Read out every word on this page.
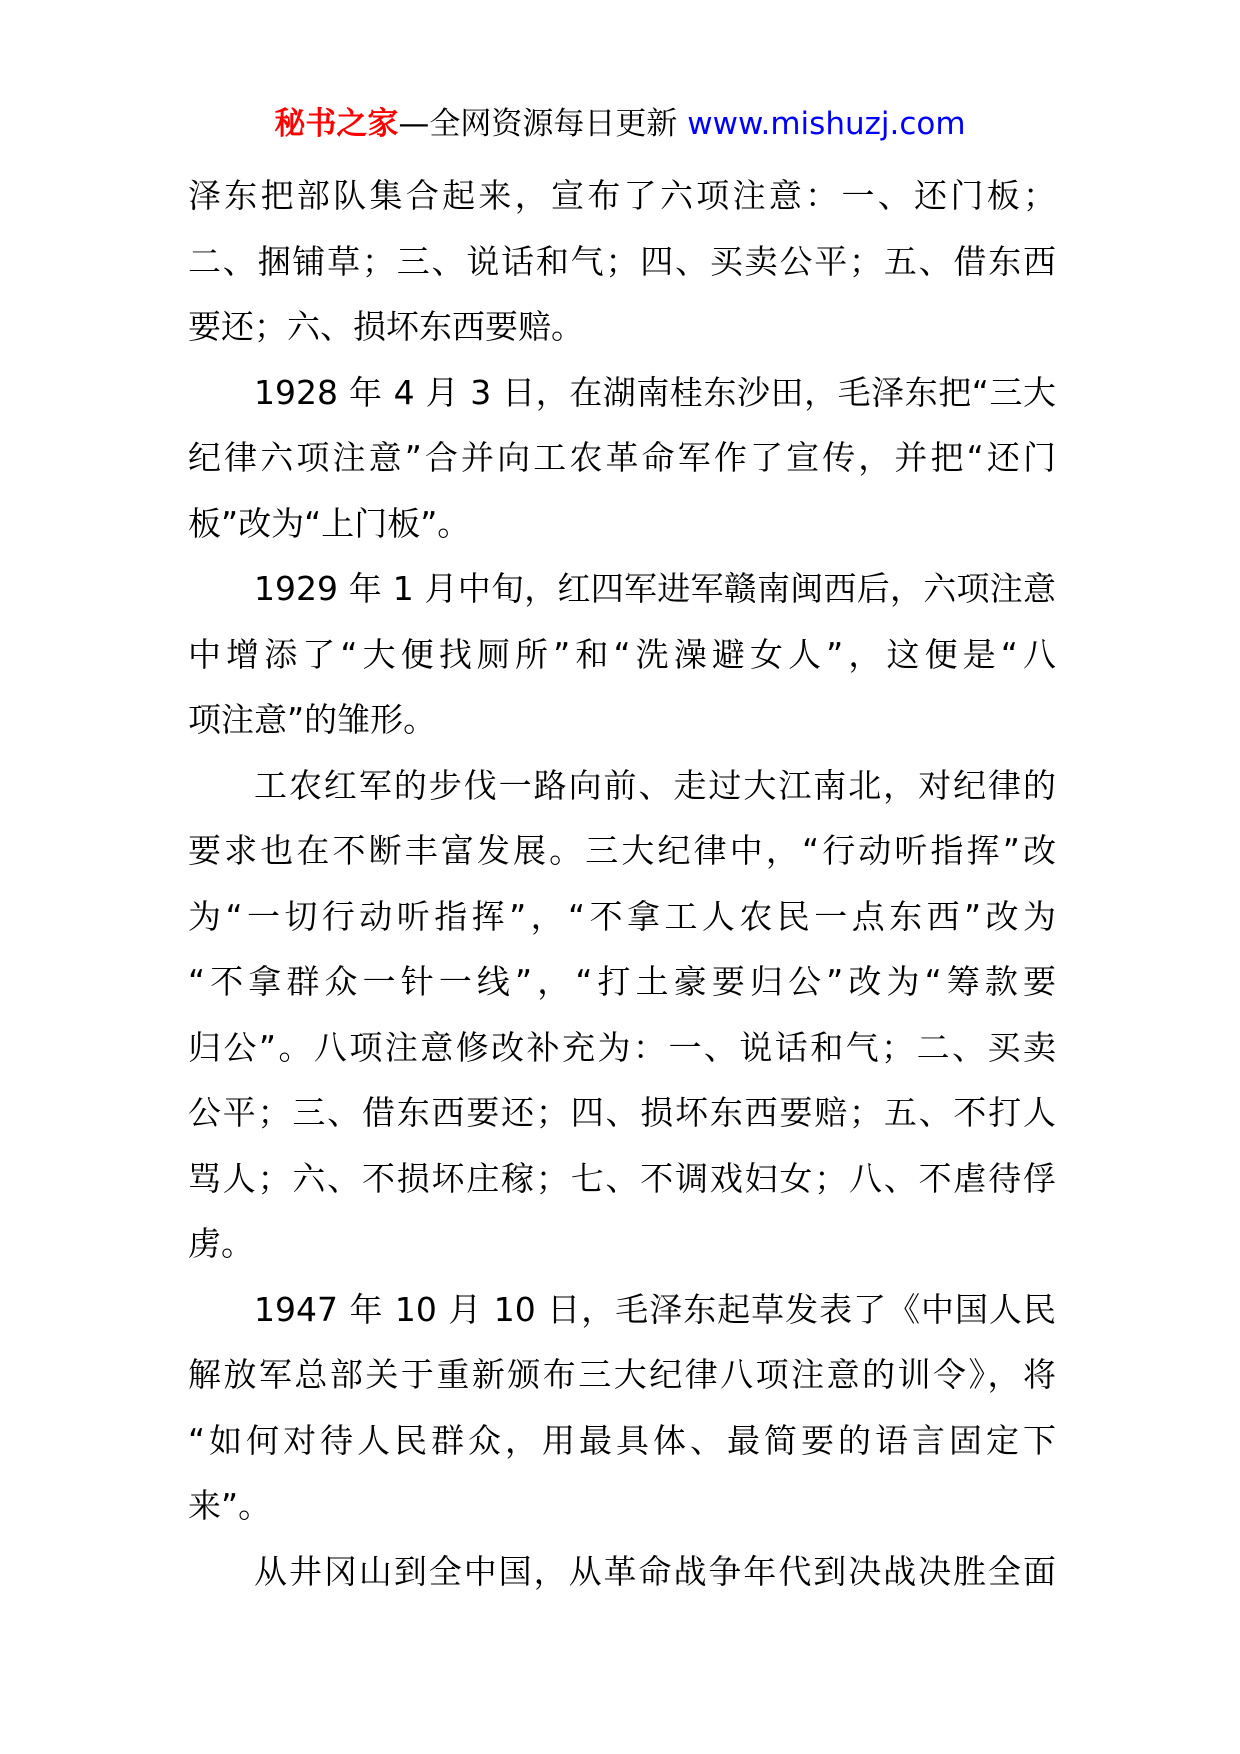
秘书之家—全网资源每日更新 www.mishuzj.com
泽东把部队集合起来，宣布了六项注意：一、还门板；
二、捆铺草；三、说话和气；四、买卖公平；五、借东西
要还；六、损坏东西要赔。
1928 年 4 月 3 日，在湖南桂东沙田，毛泽东把“三大
纪律六项注意”合并向工农革命军作了宣传，并把“还门
板”改为“上门板”。
1929 年 1 月中旬，红四军进军赣南闽西后，六项注意
中增添了“大便找厕所”和“洗澡避女人”，这便是“八
项注意”的雏形。
工农红军的步伐一路向前、走过大江南北，对纪律的
要求也在不断丰富发展。三大纪律中，“行动听指挥”改
为“一切行动听指挥”，“不拿工人农民一点东西”改为
“不拿群众一针一线”，“打土豪要归公”改为“筹款要
归公”。八项注意修改补充为：一、说话和气；二、买卖
公平；三、借东西要还；四、损坏东西要赔；五、不打人
骂人；六、不损坏庄稼；七、不调戏妇女；八、不虐待俘
虏。
1947 年 10 月 10 日，毛泽东起草发表了《中国人民
解放军总部关于重新颁布三大纪律八项注意的训令》，将
“如何对待人民群众，用最具体、最简要的语言固定下
来”。
从井冈山到全中国，从革命战争年代到决战决胜全面
